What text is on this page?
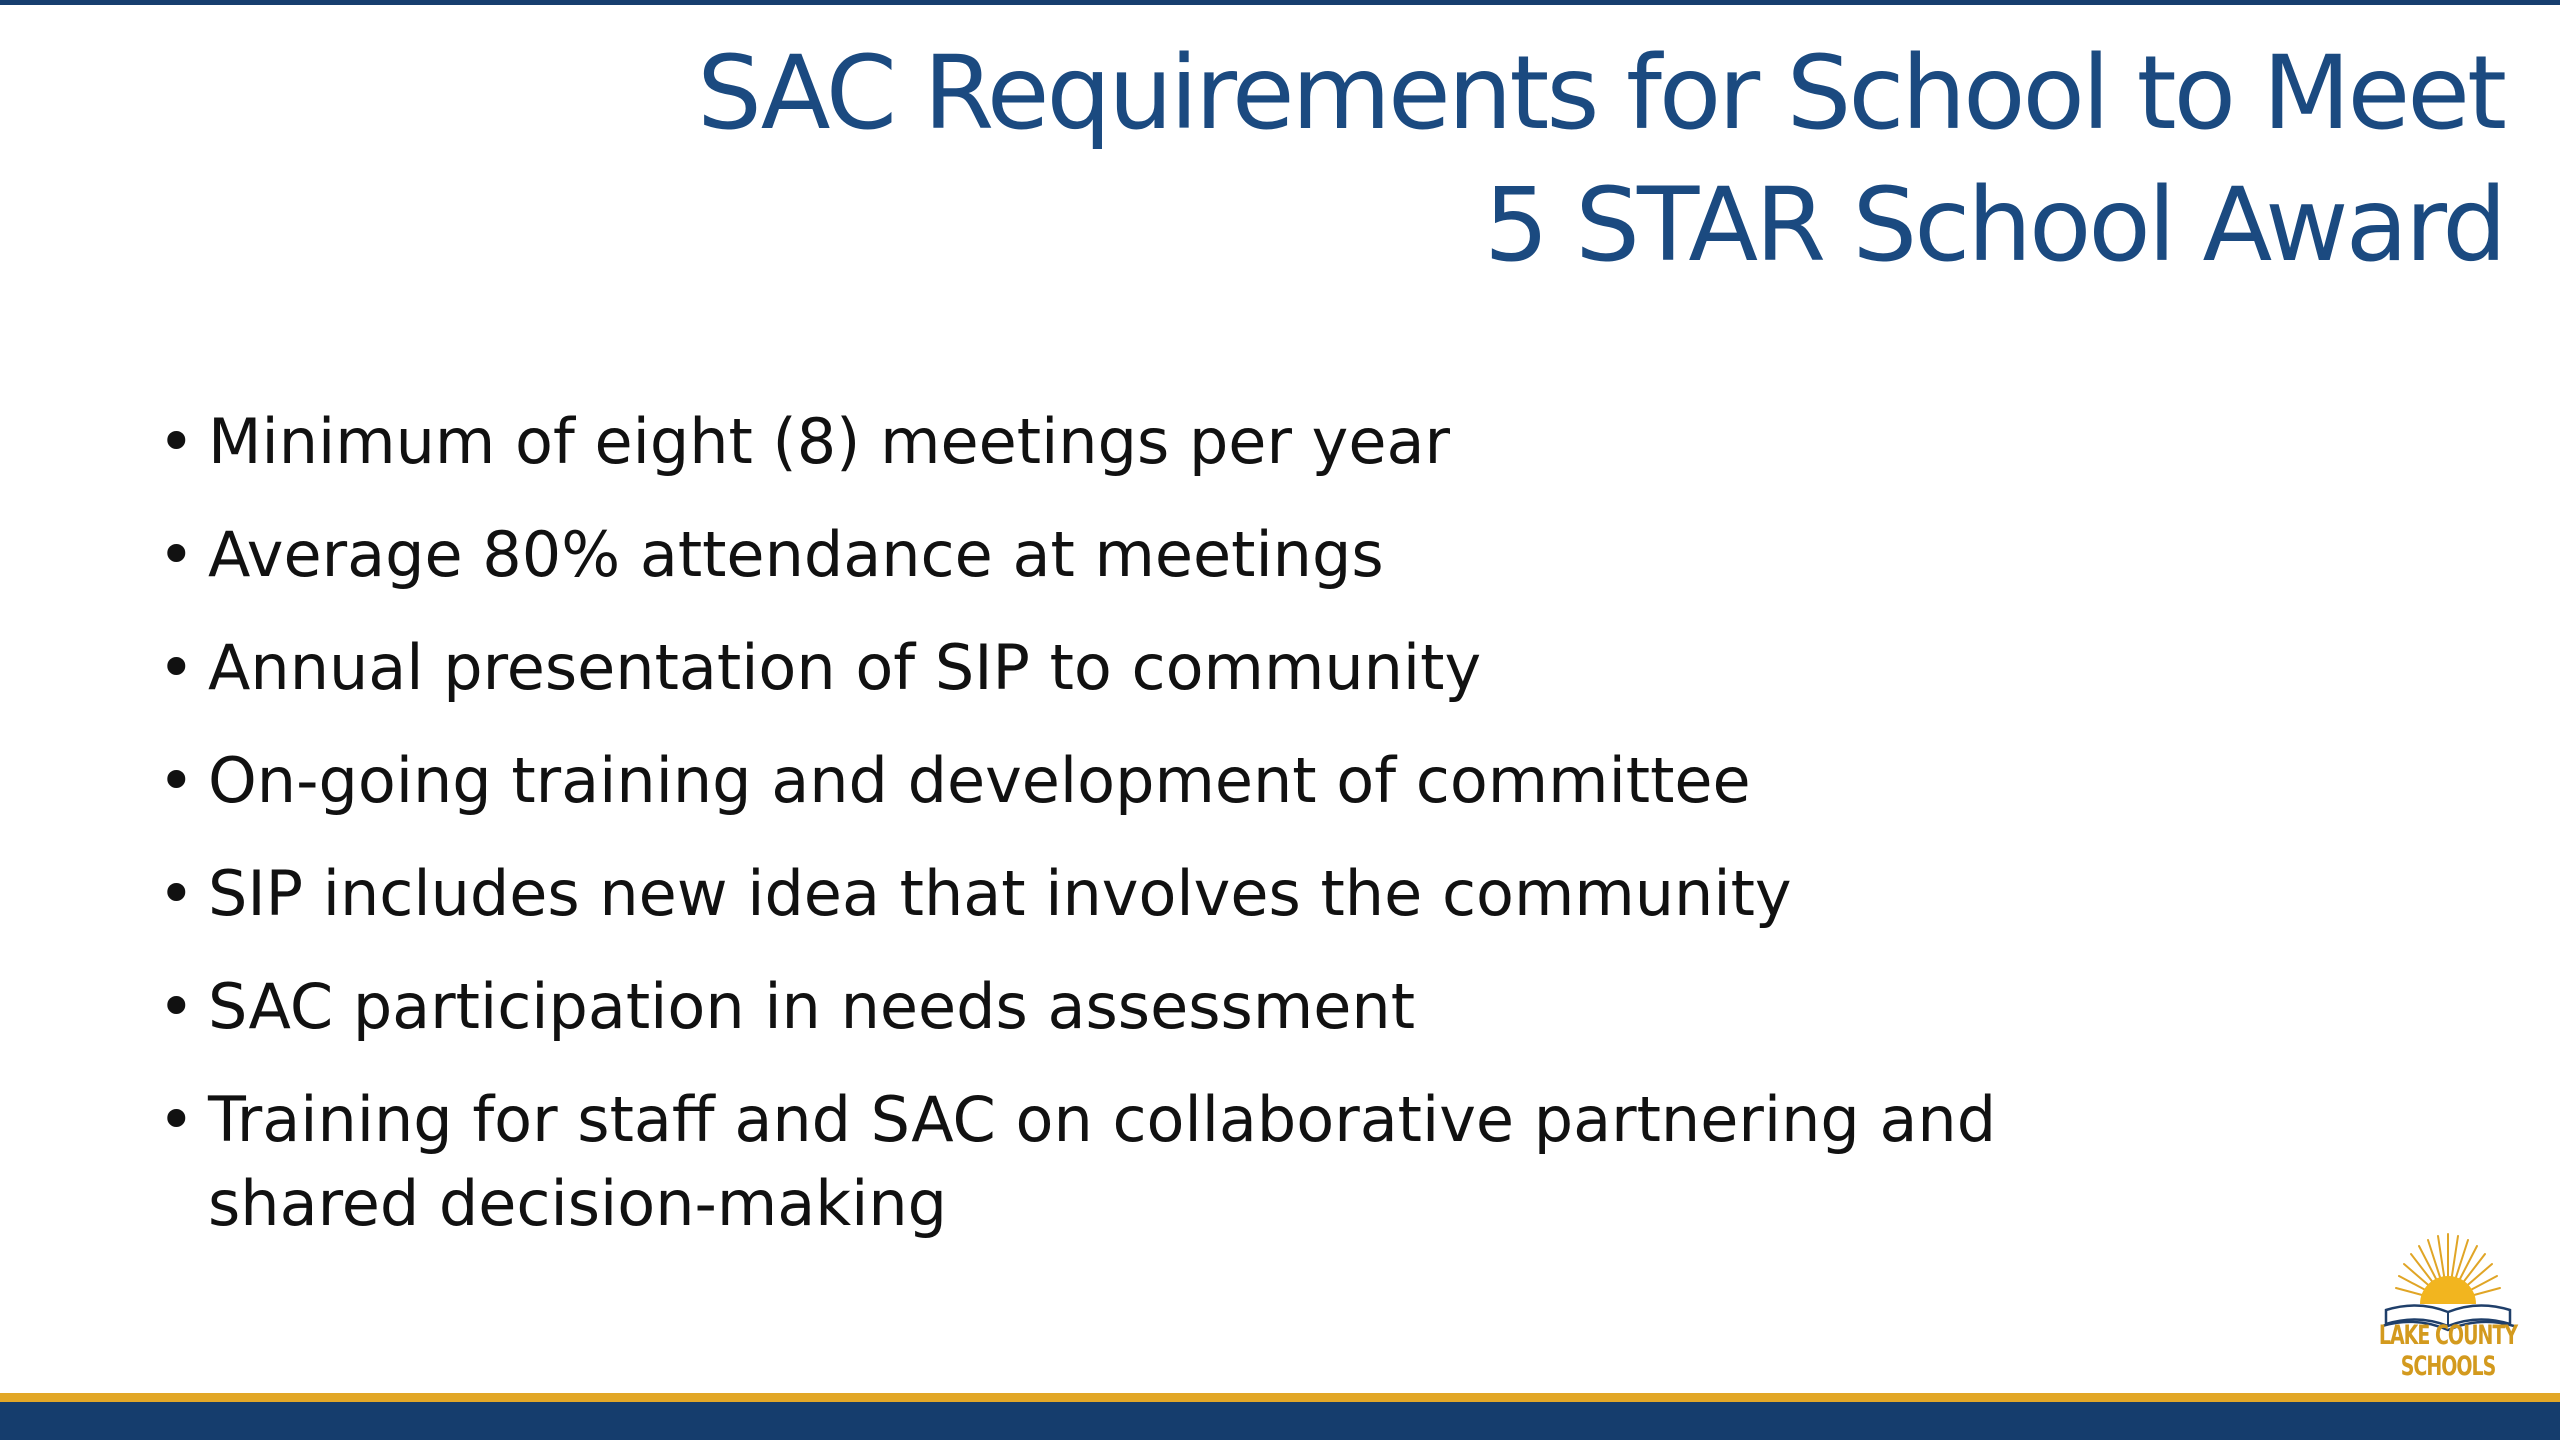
SAC Requirements for School to Meet
5 STAR School Award
• Minimum of eight (8) meetings per year
• Average 80% attendance at meetings
• Annual presentation of SIP to community
• On-going training and development of committee
• SIP includes new idea that involves the community
• SAC participation in needs assessment
• Training for staff and SAC on collaborative partnering and shared decision-making
LAKE COUNTY SCHOOLS
